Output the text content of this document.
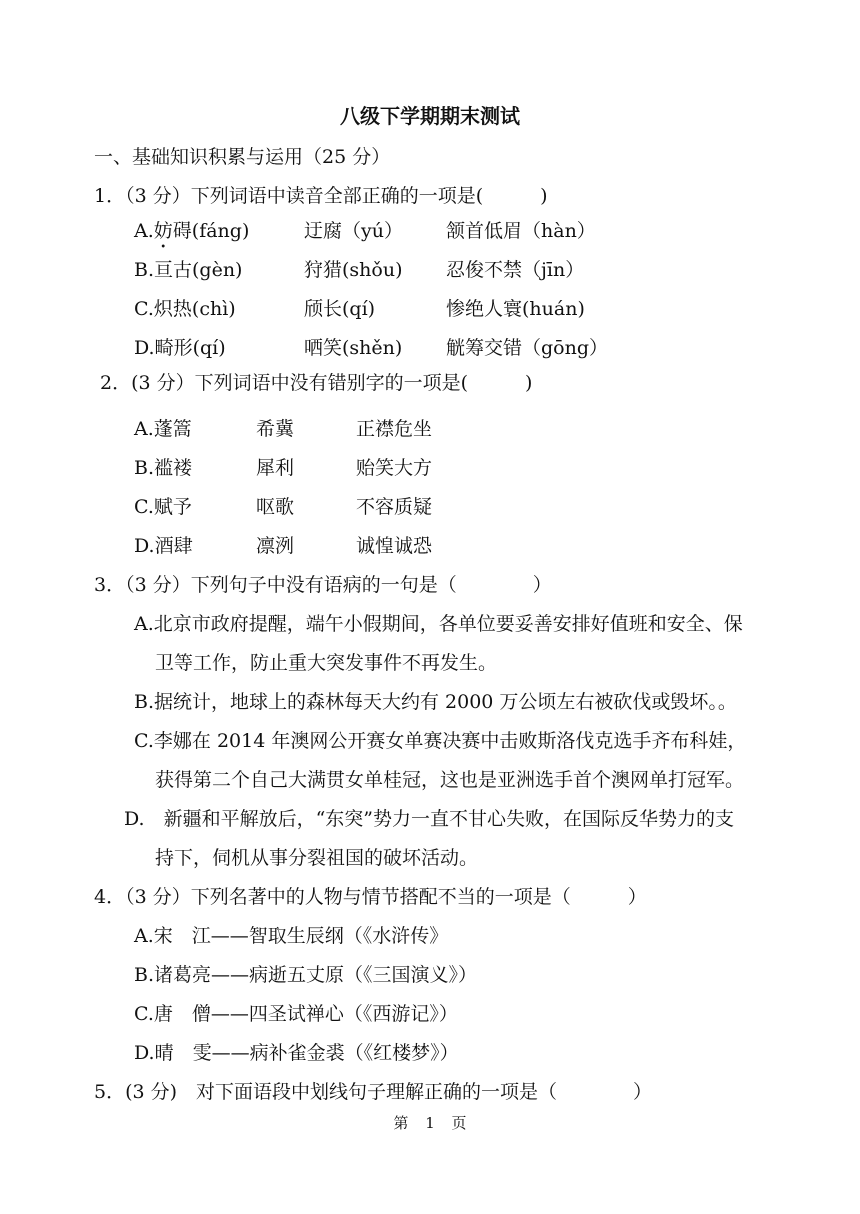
八级下学期期末测试
一、基础知识积累与运用（25 分）
1．（3 分）下列词语中读音全部正确的一项是(　　　)
A.妨碍(fáng)	迂腐（yú） 颔首低眉（hàn）
B.亘古(gèn)	狩猎(shǒu) 忍俊不禁（jīn）
C.炽热(chì)	颀长(qí)	惨绝人寰(huán)
D.畸形(qí)	哂笑(shěn) 觥筹交错（gōng）
2．(3 分）下列词语中没有错别字的一项是(　　　)
A.蓬篙	希冀	正襟危坐
B.褴褛	犀利	贻笑大方
C.赋予	呕歌	不容质疑
D.酒肆	凛洌	诚惶诚恐
3．（3 分）下列句子中没有语病的一句是（　　　　）
A.北京市政府提醒，端午小假期间，各单位要妥善安排好值班和安全、保
卫等工作，防止重大突发事件不再发生。
B.据统计，地球上的森林每天大约有 2000 万公顷左右被砍伐或毁坏。。
C.李娜在 2014 年澳网公开赛女单赛决赛中击败斯洛伐克选手齐布科娃，
获得第二个自己大满贯女单桂冠，这也是亚洲选手首个澳网单打冠军。
D.　新疆和平解放后，“东突”势力一直不甘心失败，在国际反华势力的支
持下，伺机从事分裂祖国的破坏活动。
4．（3 分）下列名著中的人物与情节搭配不当的一项是（　　　）
A.宋　江——智取生辰纲（《水浒传》
B.诸葛亮——病逝五丈原（《三国演义》）
C.唐　僧——四圣试禅心（《西游记》）
D.晴　雯——病补雀金裘（《红楼梦》）
5．(3 分)　对下面语段中划线句子理解正确的一项是（　　　　）
第 1 页
